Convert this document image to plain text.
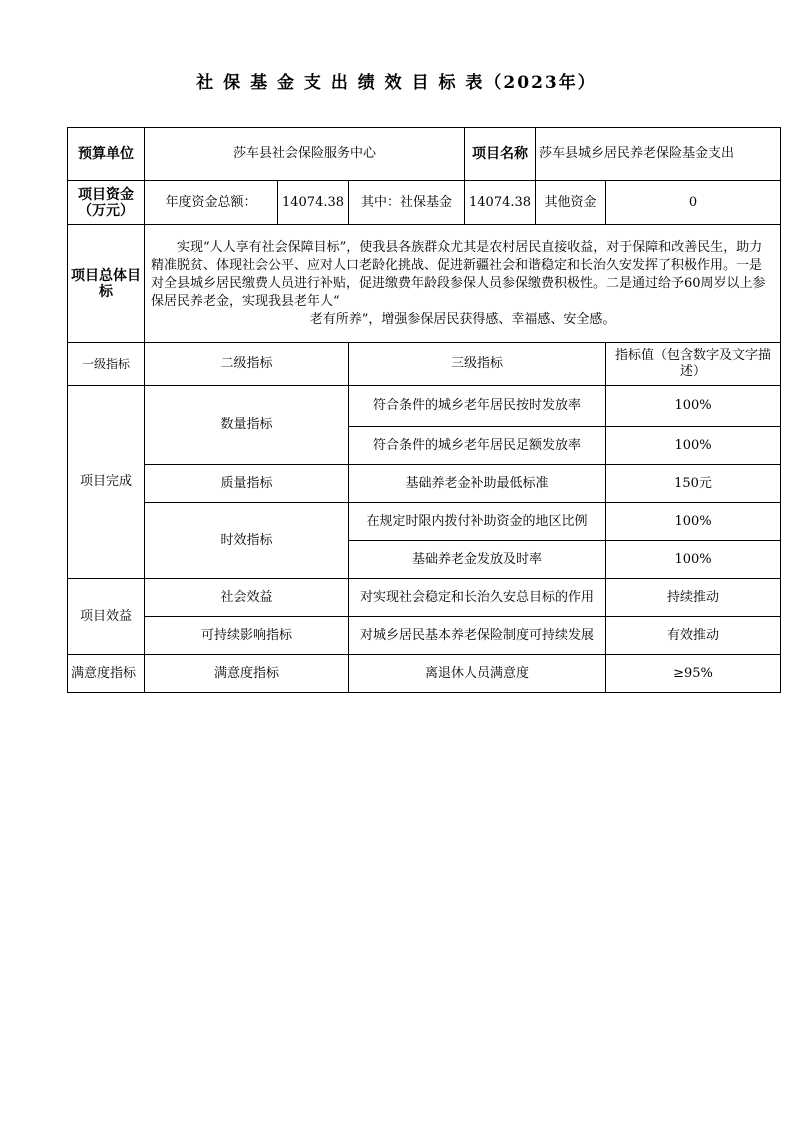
社 保 基 金 支 出 绩 效 目 标 表（2023年）
预算单位	莎车县社会保险服务中心			项目名称	莎车县城乡居民养老保险基金支出	
项目资金（万元）	年度资金总额：	14074.38	其中：社保基金	14074.38	其他资金	0
项目总体目标	实现“人人享有社会保障目标”，使我县各族群众尤其是农村居民直接收益，对于保障和改善民生，助力精准脱贫、体现社会公平、应对人口老龄化挑战、促进新疆社会和谐稳定和长治久安发挥了积极作用。一是对全县城乡居民缴费人员进行补贴，促进缴费年龄段参保人员参保缴费积极性。二是通过给予60周岁以上参保居民养老金，实现我县老年人“
老有所养”，增强参保居民获得感、幸福感、安全感。					

一级指标	二级指标		三级指标			指标值（包含数字及文字描述）
项目完成	数量指标		符合条件的城乡老年居民按时发放率			100%
			符合条件的城乡老年居民足额发放率			100%
	质量指标		基础养老金补助最低标准			150元
	时效指标		在规定时限内拨付补助资金的地区比例			100%
			基础养老金发放及时率			100%
项目效益	社会效益		对实现社会稳定和长治久安总目标的作用			持续推动
	可持续影响指标		对城乡居民基本养老保险制度可持续发展			有效推动
满意度指标	满意度指标		离退休人员满意度			≥95%
